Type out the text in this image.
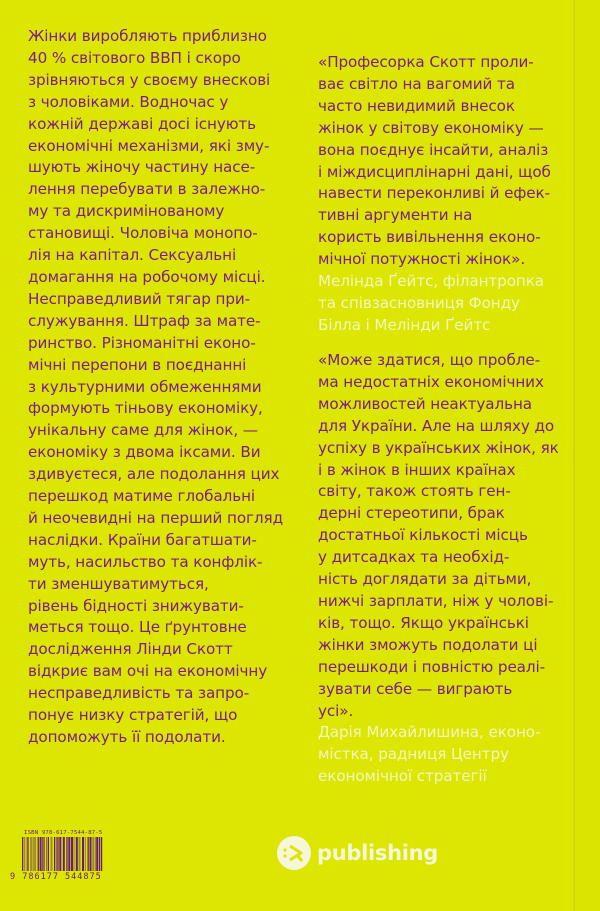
Жінки виробляють приблизно
40 % світового ВВП і скоро
зрівняються у своєму внескові
з чоловіками. Водночас у
кожній державі досі існують
економічні механізми, які зму-
шують жіночу частину насе-
лення перебувати в залежно-
му та дискримінованому
становищі. Чоловіча монопо-
лія на капітал. Сексуальні
домагання на робочому місці.
Несправедливий тягар при-
служування. Штраф за мате-
ринство. Різноманітні еконо-
мічні перепони в поєднанні
з культурними обмеженнями
формують тіньову економіку,
унікальну саме для жінок, —
економіку з двома іксами. Ви
здивуєтеся, але подолання цих
перешкод матиме глобальні
й неочевидні на перший погляд
наслідки. Країни багатшати-
муть, насильство та конфлік-
ти зменшуватимуться,
рівень бідності знижувати-
меться тощо. Це ґрунтовне
дослідження Лінди Скотт
відкриє вам очі на економічну
несправедливість та запро-
понує низку стратегій, що
допоможуть її подолати.
«Професорка Скотт проли-
ває світло на вагомий та
часто невидимий внесок
жінок у світову економіку —
вона поєднує інсайти, аналіз
і міждисциплінарні дані, щоб
навести переконливі й ефек-
тивні аргументи на
користь вивільнення еконо-
мічної потужності жінок».
Мелінда Ґейтс, філантропка
та співзасновниця Фонду
Білла і Мелінди Ґейтс
«Може здатися, що пробле-
ма недостатніх економічних
можливостей неактуальна
для України. Але на шляху до
успіху в українських жінок, як
і в жінок в інших країнах
світу, також стоять ген-
дерні стереотипи, брак
достатньої кількості місць
у дитсадках та необхід-
ність доглядати за дітьми,
нижчі зарплати, ніж у чолові-
ків, тощо. Якщо українські
жінки зможуть подолати ці
перешкоди і повністю реалі-
зувати себе — виграють
усі».
Дарія Михайлишина, еконо-
містка, радниця Центру
економічної стратегії
ISBN 978-617-7544-87-5
9 786177 544875
publishing
